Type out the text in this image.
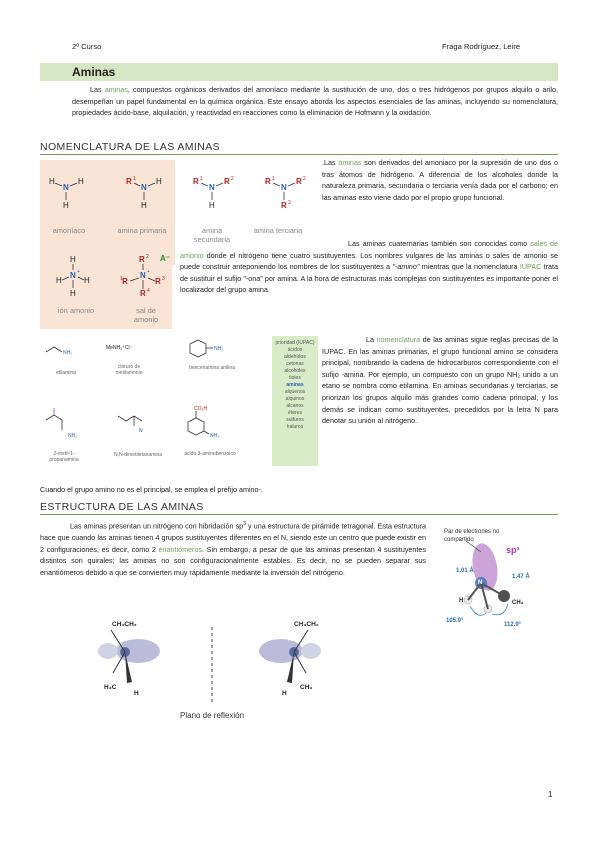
2º Curso	Fraga Rodríguez, Leire
Aminas

Las aminas, compuestos orgánicos derivados del amoníaco mediante la sustitución de uno, dos o tres hidrógenos por grupos alquilo o arilo, desempeñan un papel fundamental en la química orgánica. Este ensayo aborda los aspectos esenciales de las aminas, incluyendo su nomenclatura, propiedades ácido-base, alquilación, y reactividad en reacciones como la eliminación de Hofmann y la oxidación.

NOMENCLATURA DE LAS AMINAS
H
N
H
H
R 1
N
H
H
R 1
N
R 2
H
R 1
N
R 2
R 3
H
N +
H	H
H
R 2
N +
R
1	R 3
R 4
NH₂
NH₂
N
NH₂
NH₂
CO₂H
MeNH₃⁺Cl⁻
N	N
amoníaco	amina primaria	amina secundaria
amina terciaria
ión amonio	sal de amonio
A⁻
etilamina
cloruro de metilamonio
bencenamina anilina
2-metil-1-propanamina
N,N-dimetiletanamina	ácido 3-aminobenzoico
prioridad (IUPAC)
ácidos
aldehídos
cetonas
alcoholes
tioles
aminas
alquenos
alquinos
alcanos
éteres
sulfuros
haluros

.Las aminas son derivados del amoniaco por la supresión de uno dos o tras átomos de hidrógeno. A diferencia de los alcoholes donde la naturaleza primaria, secundaria o terciaria venía dada por el carbono; en las aminas esto viene dado por el propio grupo funcional.

Las aminas cuaternarias también son conocidas como sales de amonio donde el nitrógeno tiene cuatro sustituyentes. Los nombres vulgares de las aminas o sales de amonio se puede construir anteponiendo los nombres de los sustituyentes a "-amino" mientras que la nomenclatura IUPAC trata de sustituir el sufijo "-ona" por amina. A la hora de estructuras más complejas con sustituyentes es importante poner el localizador del grupo amina.

La nomenclatura de las aminas sigue reglas precisas de la IUPAC. En las aminas primarias, el grupo funcional amino se considera principal, nombrando la cadena de hidrocarburos correspondiente con el sufijo -amina. Por ejemplo, un compuesto con un grupo NH₂ unido a un etano se nombra como etilamina. En aminas secundarias y terciarias, se priorizan los grupos alquilo más grandes como cadena principal, y los demás se indican como sustituyentes, precedidos por la letra N para denotar su unión al nitrógeno.

Cuando el grupo amino no es el principal, se emplea el prefijo amino-.

ESTRUCTURA DE LAS AMINAS

Las aminas presentan un nitrógeno con hibridación $sp^3$ y una estructura de pirámide tetragonal. Esta estructura hace que cuando las aminas tienen 4 grupos sustituyentes diferentes en el N, siendo este un centro que puede existir en 2 configuraciones, es decir, como 2 enantiómeros. Sin embargo, a pesar de que las aminas presentan 4 sustituyentes distintos son quirales; las aminas no son configuracionalmente estables. Es decir, no se pueden separar sus enantiómeros debido a que se convierten muy rápidamente mediante la inversión del nitrógeno.

Par de electrones no compartido
sp³
1.01 Å
1.47 Å
105.9°
112.9°
CH₃
N
H
CH₃CH₂
H₃C
H
CH₃CH₂
CH₃
H
Plano de reflexión
1
